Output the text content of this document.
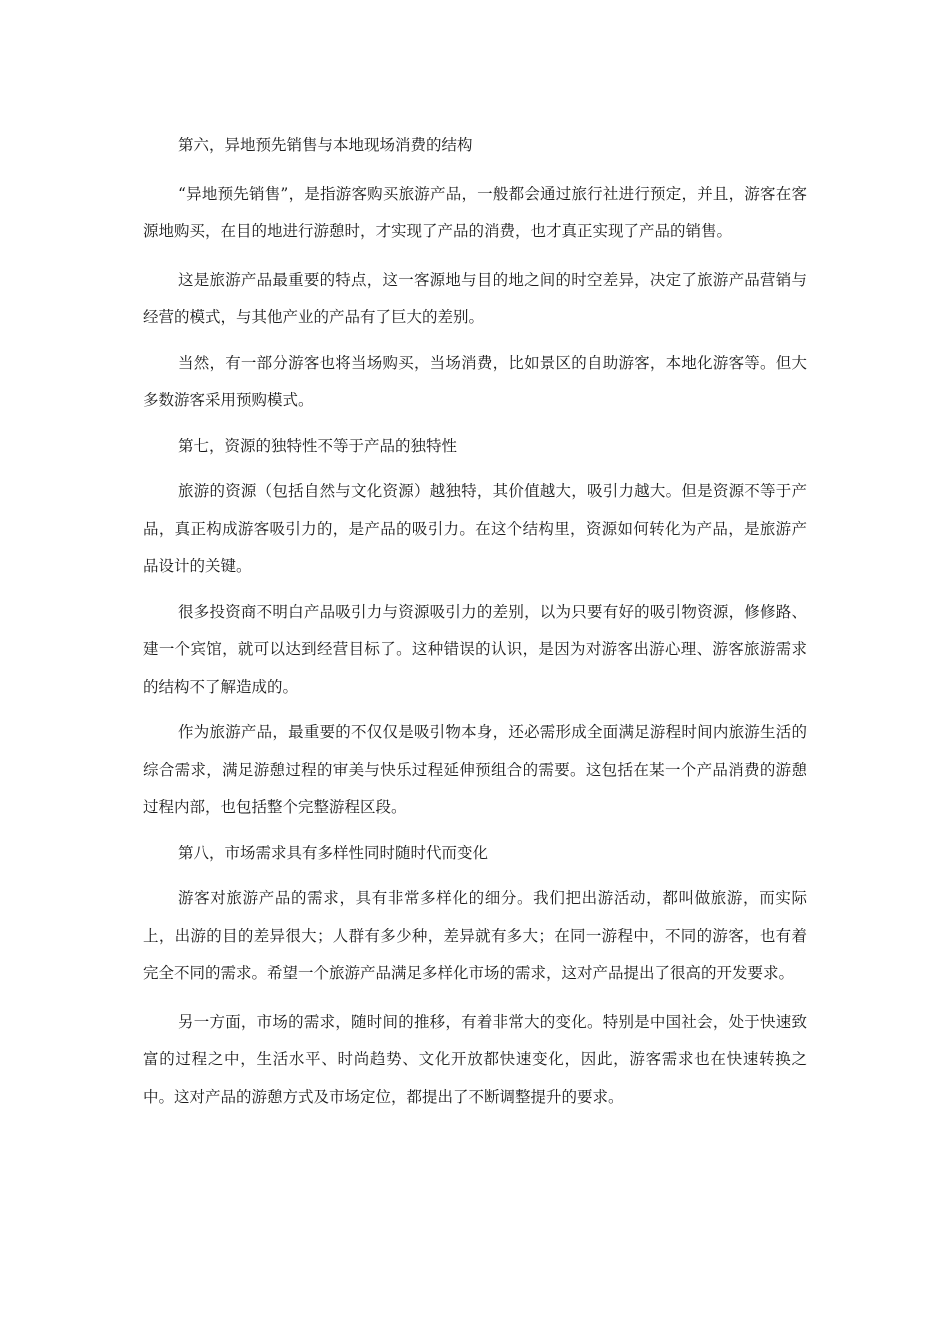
第六，异地预先销售与本地现场消费的结构

“异地预先销售”，是指游客购买旅游产品，一般都会通过旅行社进行预定，并且，游客在客源地购买，在目的地进行游憩时，才实现了产品的消费，也才真正实现了产品的销售。

这是旅游产品最重要的特点，这一客源地与目的地之间的时空差异，决定了旅游产品营销与经营的模式，与其他产业的产品有了巨大的差别。

当然，有一部分游客也将当场购买，当场消费，比如景区的自助游客，本地化游客等。但大多数游客采用预购模式。

第七，资源的独特性不等于产品的独特性

旅游的资源（包括自然与文化资源）越独特，其价值越大，吸引力越大。但是资源不等于产品，真正构成游客吸引力的，是产品的吸引力。在这个结构里，资源如何转化为产品，是旅游产品设计的关键。

很多投资商不明白产品吸引力与资源吸引力的差别，以为只要有好的吸引物资源，修修路、建一个宾馆，就可以达到经营目标了。这种错误的认识，是因为对游客出游心理、游客旅游需求的结构不了解造成的。

作为旅游产品，最重要的不仅仅是吸引物本身，还必需形成全面满足游程时间内旅游生活的综合需求，满足游憩过程的审美与快乐过程延伸预组合的需要。这包括在某一个产品消费的游憩过程内部，也包括整个完整游程区段。

第八，市场需求具有多样性同时随时代而变化

游客对旅游产品的需求，具有非常多样化的细分。我们把出游活动，都叫做旅游，而实际上，出游的目的差异很大；人群有多少种，差异就有多大；在同一游程中，不同的游客，也有着完全不同的需求。希望一个旅游产品满足多样化市场的需求，这对产品提出了很高的开发要求。

另一方面，市场的需求，随时间的推移，有着非常大的变化。特别是中国社会，处于快速致富的过程之中，生活水平、时尚趋势、文化开放都快速变化，因此，游客需求也在快速转换之中。这对产品的游憩方式及市场定位，都提出了不断调整提升的要求。
